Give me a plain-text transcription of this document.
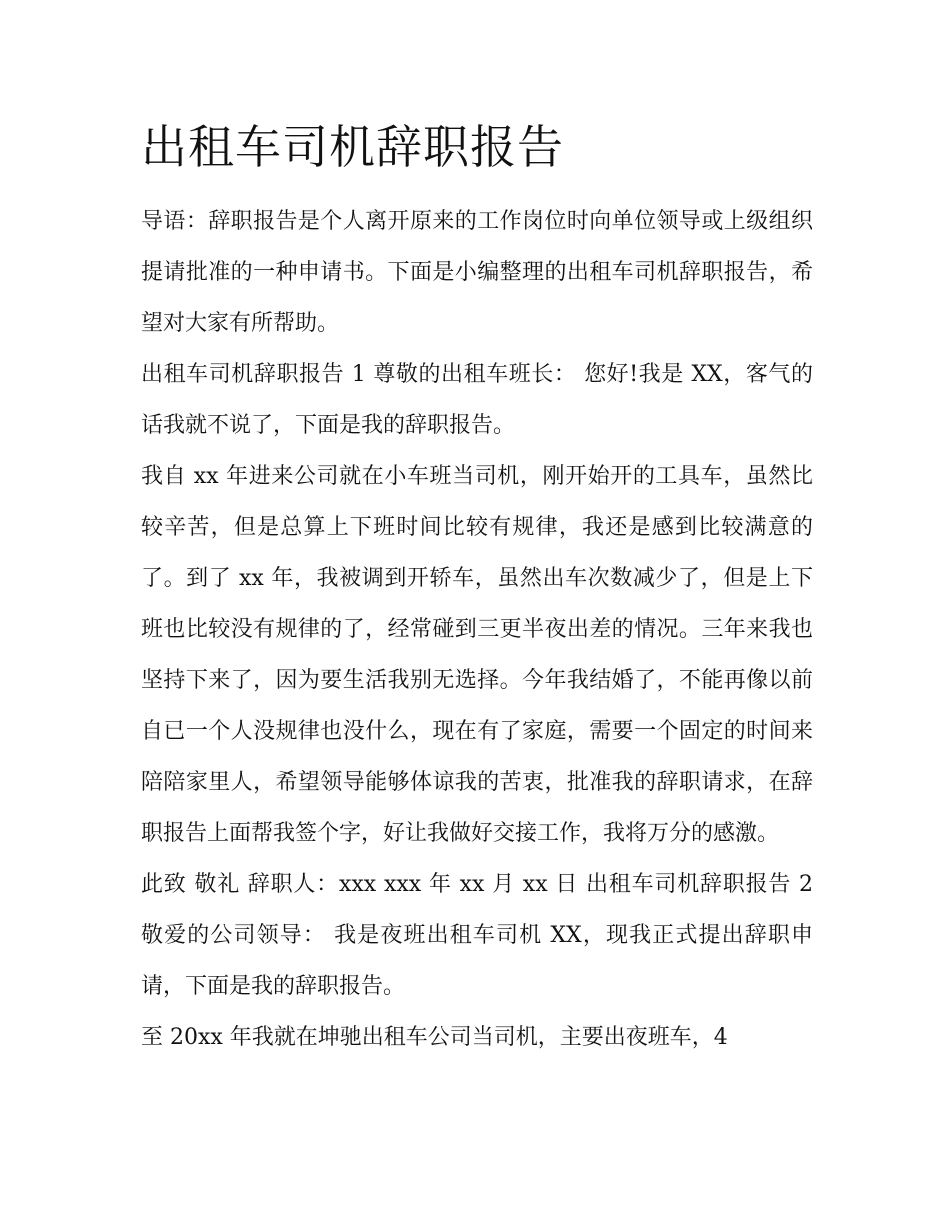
出租车司机辞职报告

导语：辞职报告是个人离开原来的工作岗位时向单位领导或上级组织提请批准的一种申请书。下面是小编整理的出租车司机辞职报告，希望对大家有所帮助。

出租车司机辞职报告 1 尊敬的出租车班长： 您好!我是 XX，客气的话我就不说了，下面是我的辞职报告。

我自 xx 年进来公司就在小车班当司机，刚开始开的工具车，虽然比较辛苦，但是总算上下班时间比较有规律，我还是感到比较满意的了。到了 xx 年，我被调到开轿车，虽然出车次数减少了，但是上下班也比较没有规律的了，经常碰到三更半夜出差的情况。三年来我也坚持下来了，因为要生活我别无选择。今年我结婚了，不能再像以前自已一个人没规律也没什么，现在有了家庭，需要一个固定的时间来陪陪家里人，希望领导能够体谅我的苦衷，批准我的辞职请求，在辞职报告上面帮我签个字，好让我做好交接工作，我将万分的感激。

此致 敬礼 辞职人：xxx xxx 年 xx 月 xx 日 出租车司机辞职报告 2 敬爱的公司领导： 我是夜班出租车司机 XX，现我正式提出辞职申请，下面是我的辞职报告。

至 20xx 年我就在坤驰出租车公司当司机，主要出夜班车，4
